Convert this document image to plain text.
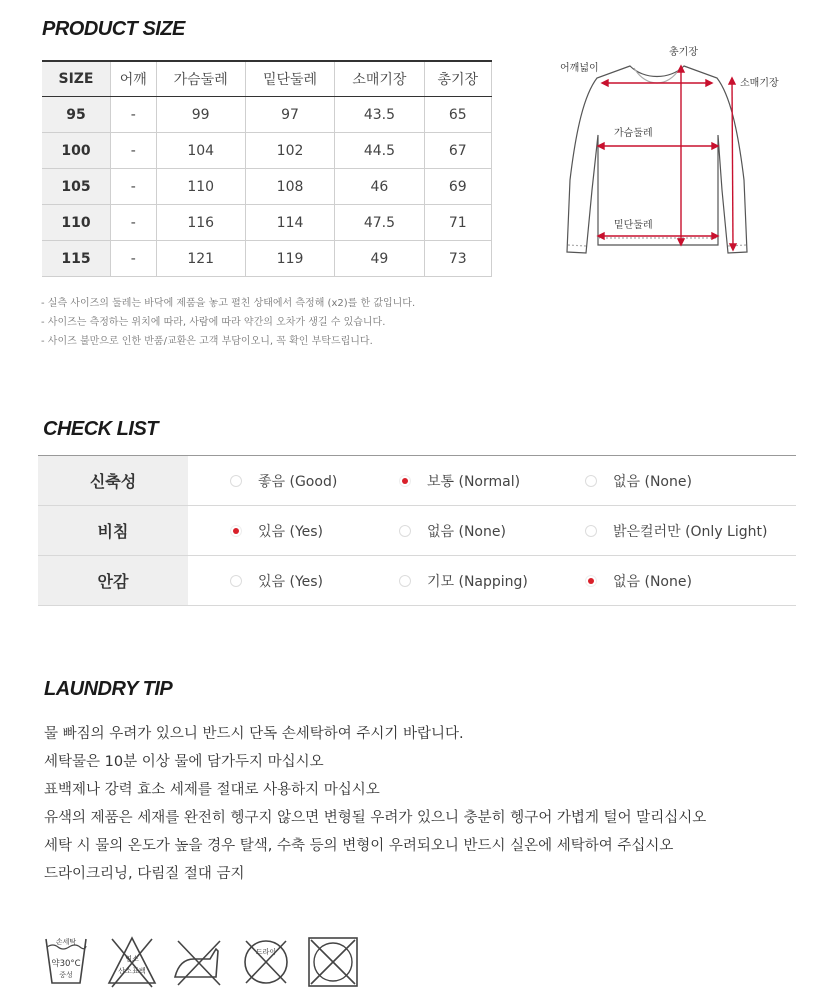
PRODUCT SIZE
SIZE	어깨	가슴둘레	밑단둘레	소매기장	총기장
95	-	99	97	43.5	65
100	-	104	102	44.5	67
105	-	110	108	46	69
110	-	116	114	47.5	71
115	-	121	119	49	73
- 실측 사이즈의 둘레는 바닥에 제품을 놓고 펼친 상태에서 측정해 (x2)를 한 값입니다.
- 사이즈는 측정하는 위치에 따라, 사람에 따라 약간의 오차가 생길 수 있습니다.
- 사이즈 불만으로 인한 반품/교환은 고객 부담이오니, 꼭 확인 부탁드립니다.
총기장
어깨넓이
소매기장
가슴둘레
밑단둘레
CHECK LIST
신축성	좋음 (Good)	보통 (Normal)	없음 (None)
비침	있음 (Yes)	없음 (None)	밝은컬러만 (Only Light)
안감	있음 (Yes)	기모 (Napping)	없음 (None)
LAUNDRY TIP
물 빠짐의 우려가 있으니 반드시 단독 손세탁하여 주시기 바랍니다.
세탁물은 10분 이상 물에 담가두지 마십시오
표백제나 강력 효소 세제를 절대로 사용하지 마십시오
유색의 제품은 세재를 완전히 헹구지 않으면 변형될 우려가 있으니 충분히 헹구어 가볍게 털어 말리십시오
세탁 시 물의 온도가 높을 경우 탈색, 수축 등의 변형이 우려되오니 반드시 실온에 세탁하여 주십시오
드라이크리닝, 다림질 절대 금지
손세탁
약30°C
중성
염소
산소 표백
드라이
